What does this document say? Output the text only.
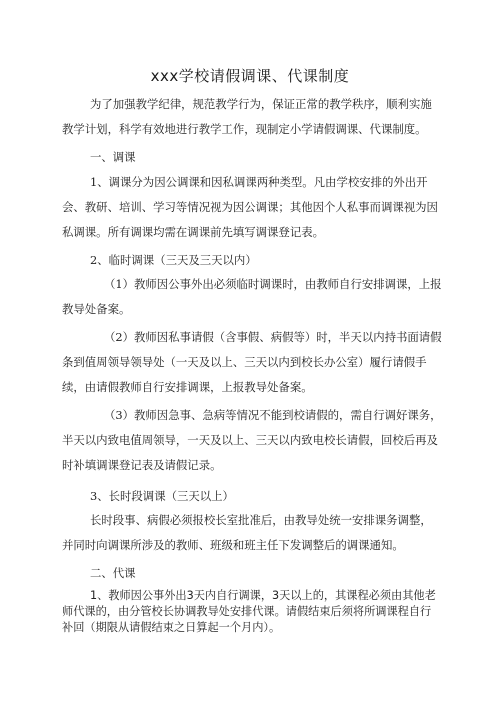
xxx学校请假调课、代课制度

为了加强教学纪律，规范教学行为，保证正常的教学秩序，顺利实施教学计划，科学有效地进行教学工作，现制定小学请假调课、代课制度。

一、调课

1、调课分为因公调课和因私调课两种类型。凡由学校安排的外出开会、教研、培训、学习等情况视为因公调课；其他因个人私事而调课视为因私调课。所有调课均需在调课前先填写调课登记表。

2、临时调课（三天及三天以内）

（1）教师因公事外出必须临时调课时，由教师自行安排调课，上报教导处备案。

（2）教师因私事请假（含事假、病假等）时，半天以内持书面请假条到值周领导领导处（一天及以上、三天以内到校长办公室）履行请假手续，由请假教师自行安排调课，上报教导处备案。

（3）教师因急事、急病等情况不能到校请假的，需自行调好课务，半天以内致电值周领导，一天及以上、三天以内致电校长请假，回校后再及时补填调课登记表及请假记录。

3、长时段调课（三天以上）

长时段事、病假必须报校长室批准后，由教导处统一安排课务调整，并同时向调课所涉及的教师、班级和班主任下发调整后的调课通知。

二、代课

1、教师因公事外出3天内自行调课，3天以上的，其课程必须由其他老师代课的，由分管校长协调教导处安排代课。请假结束后须将所调课程自行补回（期限从请假结束之日算起一个月内）。
